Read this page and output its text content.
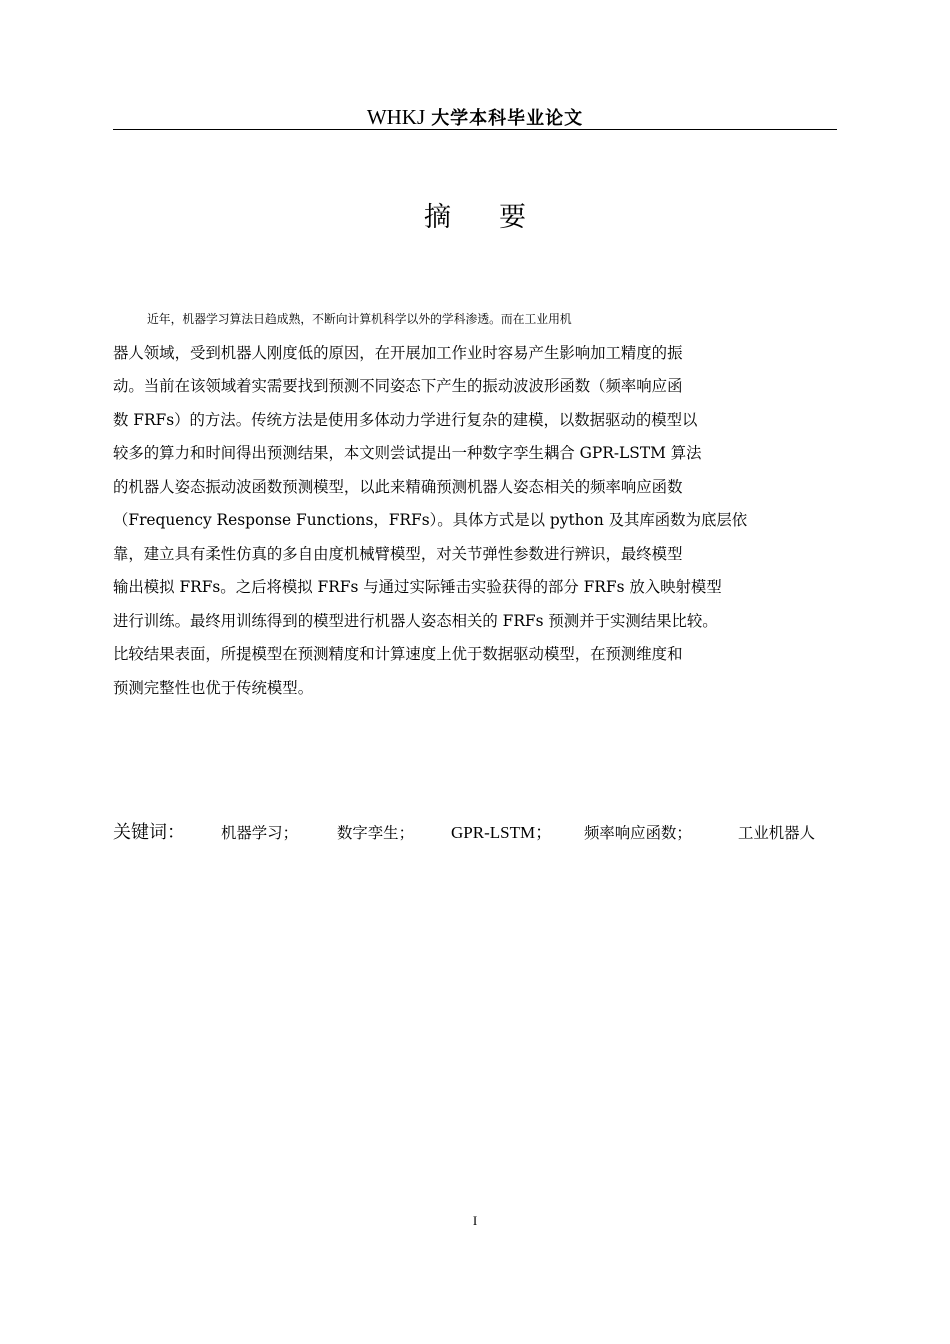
WHKJ 大学本科毕业论文
摘要
近年，机器学习算法日趋成熟，不断向计算机科学以外的学科渗透。而在工业用机
器人领域，受到机器人刚度低的原因，在开展加工作业时容易产生影响加工精度的振
动。当前在该领域着实需要找到预测不同姿态下产生的振动波波形函数（频率响应函
数 FRFs）的方法。传统方法是使用多体动力学进行复杂的建模，以数据驱动的模型以
较多的算力和时间得出预测结果，本文则尝试提出一种数字孪生耦合 GPR-LSTM 算法
的机器人姿态振动波函数预测模型，以此来精确预测机器人姿态相关的频率响应函数
（Frequency Response Functions，FRFs）。具体方式是以 python 及其库函数为底层依
靠，建立具有柔性仿真的多自由度机械臂模型，对关节弹性参数进行辨识，最终模型
输出模拟 FRFs。之后将模拟 FRFs 与通过实际锤击实验获得的部分 FRFs 放入映射模型
进行训练。最终用训练得到的模型进行机器人姿态相关的 FRFs 预测并于实测结果比较。
比较结果表面，所提模型在预测精度和计算速度上优于数据驱动模型，在预测维度和
预测完整性也优于传统模型。
关键词： 机器学习；	数字孪生； GPR-LSTM； 频率响应函数；	工业机器人
I
